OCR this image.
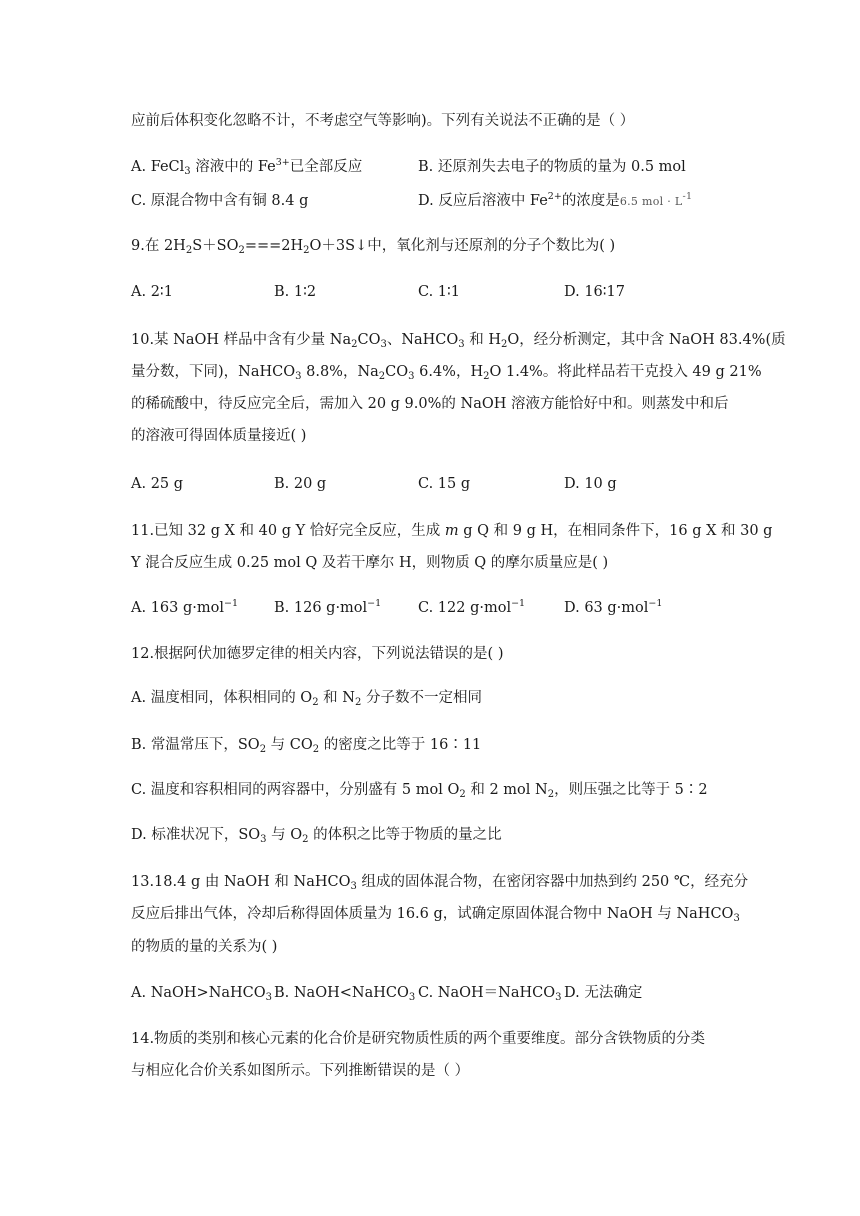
应前后体积变化忽略不计，不考虑空气等影响)。下列有关说法不正确的是（ ）
A. FeCl$_3$ 溶液中的 $Fe^{3+}$已全部反应	B. 还原剂失去电子的物质的量为 0.5 mol
C. 原混合物中含有铜 8.4 g	D. 反应后溶液中 $Fe^{2+}$的浓度是6.5 mol · $L^{-1}$
9.在 $2H_2S+SO_2===2H_2O+3S↓$中，氧化剂与还原剂的分子个数比为( )
A. 2∶1	B. 1∶2	C. 1∶1	D. 16∶17
10.某 NaOH 样品中含有少量 $Na_2CO_3$、NaHCO$_3$ 和 $H_2O$，经分析测定，其中含 NaOH 83.4%(质
量分数，下同)，NaHCO$_3$ 8.8%，$Na_2CO_3$ 6.4%，$H_2O$ 1.4%。将此样品若干克投入 49 g 21%
的稀硫酸中，待反应完全后，需加入 20 g 9.0%的 NaOH 溶液方能恰好中和。则蒸发中和后
的溶液可得固体质量接近( )
A. 25 g	B. 20 g	C. 15 g	D. 10 g
11.已知 32 g X 和 40 g Y 恰好完全反应，生成 m g Q 和 9 g H，在相同条件下，16 g X 和 30 g
Y 混合反应生成 0.25 mol Q 及若干摩尔 H，则物质 Q 的摩尔质量应是( )
A. 163 g·mol$^{-1}$ B. 126 g·mol$^{-1}$	C. 122 g·mol$^{-1}$	D. 63 g·mol$^{-1}$
12.根据阿伏加德罗定律的相关内容，下列说法错误的是( )
A. 温度相同，体积相同的 $O_2$ 和 $N_2$ 分子数不一定相同
B. 常温常压下，$SO_2$ 与 $CO_2$ 的密度之比等于 16∶11
C. 温度和容积相同的两容器中，分别盛有 5 mol $O_2$ 和 2 mol $N_2$，则压强之比等于 5∶2
D. 标准状况下，$SO_3$ 与 $O_2$ 的体积之比等于物质的量之比
13.18.4 g 由 NaOH 和 NaHCO$_3$ 组成的固体混合物，在密闭容器中加热到约 250 ℃，经充分
反应后排出气体，冷却后称得固体质量为 16.6 g，试确定原固体混合物中 NaOH 与 NaHCO$_3$
的物质的量的关系为( )
A. NaOH>NaHCO$_3$ B. NaOH<NaHCO$_3$ C. NaOH＝NaHCO$_3$ D. 无法确定
14.物质的类别和核心元素的化合价是研究物质性质的两个重要维度。部分含铁物质的分类
与相应化合价关系如图所示。下列推断错误的是（ ）
